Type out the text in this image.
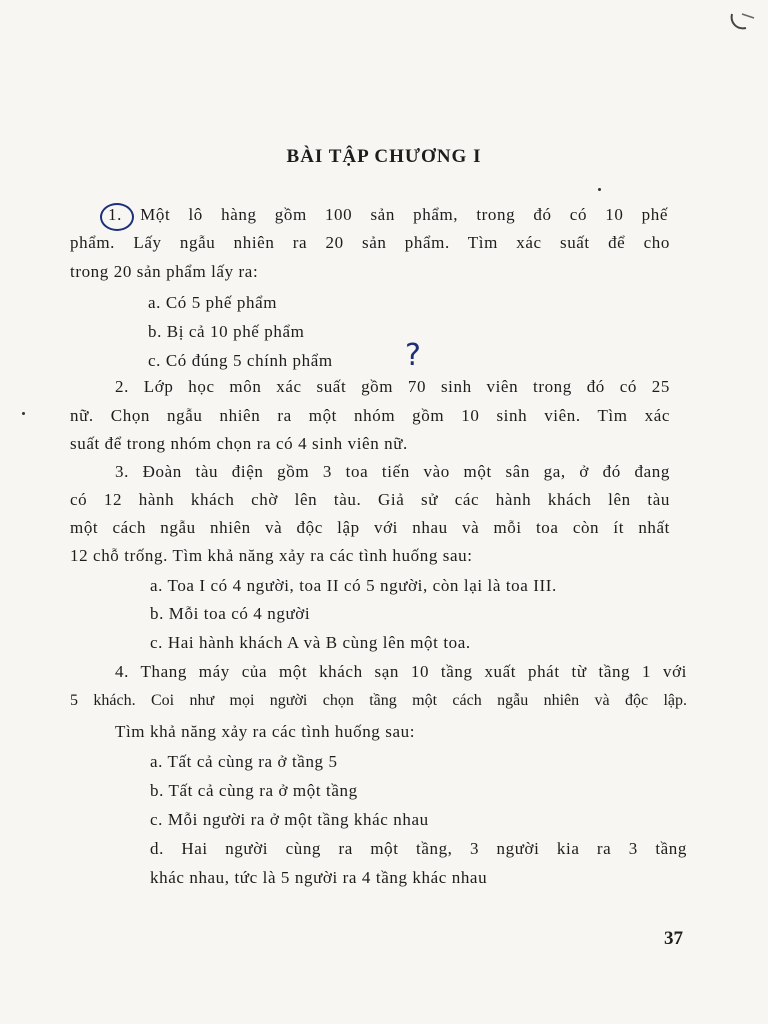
BÀI TẬP CHƯƠNG I
1. Một lô hàng gồm 100 sản phẩm, trong đó có 10 phế
phẩm. Lấy ngẫu nhiên ra 20 sản phẩm. Tìm xác suất để cho
trong 20 sản phẩm lấy ra:
a. Có 5 phế phẩm
b. Bị cả 10 phế phẩm
c. Có đúng 5 chính phẩm ?
2. Lớp học môn xác suất gồm 70 sinh viên trong đó có 25
nữ. Chọn ngẫu nhiên ra một nhóm gồm 10 sinh viên. Tìm xác
suất để trong nhóm chọn ra có 4 sinh viên nữ.
3. Đoàn tàu điện gồm 3 toa tiến vào một sân ga, ở đó đang
có 12 hành khách chờ lên tàu. Giả sử các hành khách lên tàu
một cách ngẫu nhiên và độc lập với nhau và mỗi toa còn ít nhất
12 chỗ trống. Tìm khả năng xảy ra các tình huống sau:
a. Toa I có 4 người, toa II có 5 người, còn lại là toa III.
b. Mỗi toa có 4 người
c. Hai hành khách A và B cùng lên một toa.
4. Thang máy của một khách sạn 10 tầng xuất phát từ tầng 1 với
5 khách. Coi như mọi người chọn tầng một cách ngẫu nhiên và độc lập.
Tìm khả năng xảy ra các tình huống sau:
a. Tất cả cùng ra ở tầng 5
b. Tất cả cùng ra ở một tầng
c. Mỗi người ra ở một tầng khác nhau
d. Hai người cùng ra một tầng, 3 người kia ra 3 tầng
khác nhau, tức là 5 người ra 4 tầng khác nhau
37
